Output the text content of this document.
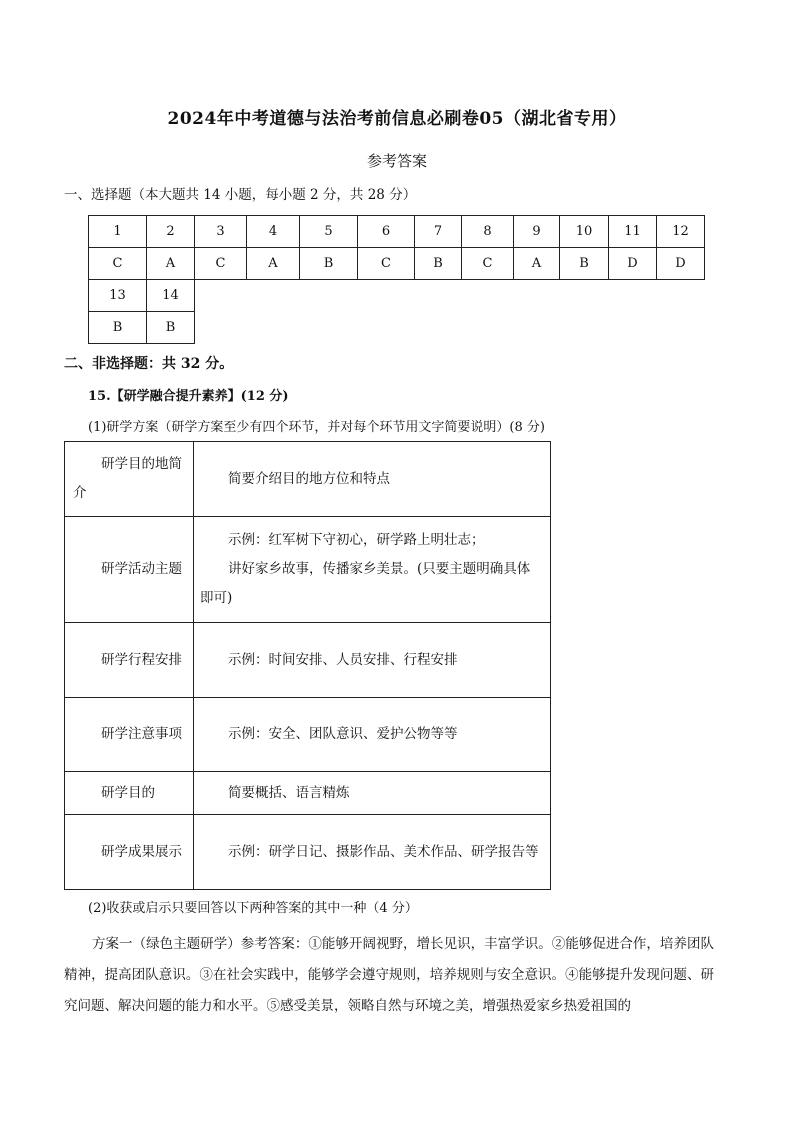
2024年中考道德与法治考前信息必刷卷05（湖北省专用）
参考答案
一、选择题（本大题共 14 小题，每小题 2 分，共 28 分）
1	2	3	4	5	6	7	8	9	10	11	12
C	A	C	A	B	C	B	C	A	B	D	D
13	14										
B	B										
二、非选择题：共 32 分。
15.【研学融合提升素养】(12 分)
(1)研学方案（研学方案至少有四个环节，并对每个环节用文字简要说明）(8 分)
研学目的地简介	简要介绍目的地方位和特点
研学活动主题	示例：红军树下守初心，研学路上明壮志；
讲好家乡故事，传播家乡美景。(只要主题明确具体即可)

研学行程安排	示例：时间安排、人员安排、行程安排
研学注意事项	示例：安全、团队意识、爱护公物等等
研学目的	简要概括、语言精炼
研学成果展示	示例：研学日记、摄影作品、美术作品、研学报告等
(2)收获或启示只要回答以下两种答案的其中一种（4 分）
方案一（绿色主题研学）参考答案：①能够开阔视野，增长见识，丰富学识。②能够促进合作，培养团队精神，提高团队意识。③在社会实践中，能够学会遵守规则，培养规则与安全意识。④能够提升发现问题、研究问题、解决问题的能力和水平。⑤感受美景，领略自然与环境之美，增强热爱家乡热爱祖国的
